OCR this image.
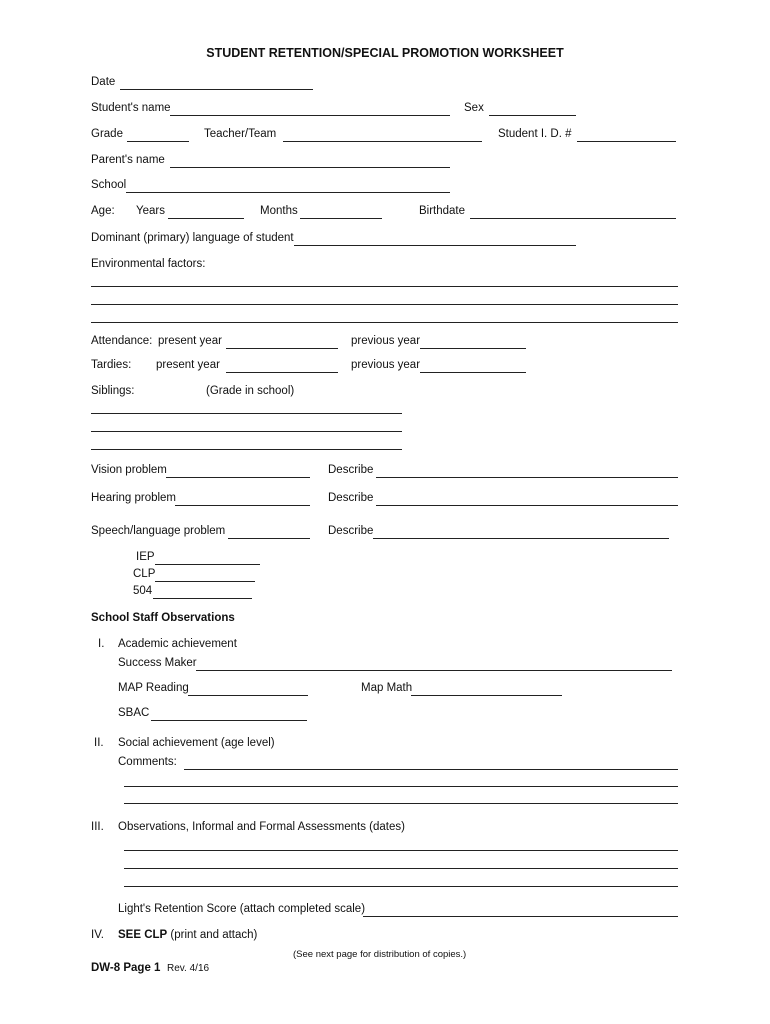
STUDENT RETENTION/SPECIAL PROMOTION WORKSHEET
Date
Student's name	Sex
Grade	Teacher/Team	Student I. D. #
Parent's name
School
Age: Years	Months	Birthdate
Dominant (primary) language of student
Environmental factors:
Attendance: present year	previous year
Tardies: present year	previous year
Siblings:	(Grade in school)
Vision problem	Describe
Hearing problem	Describe
Speech/language problem	Describe
IEP
CLP
504
School Staff Observations
I. Academic achievement
Success Maker
MAP Reading	Map Math
SBAC
II. Social achievement (age level)
Comments:
III. Observations, Informal and Formal Assessments (dates)
Light's Retention Score (attach completed scale)
IV. SEE CLP (print and attach)
(See next page for distribution of copies.)
DW-8 Page 1 Rev. 4/16
